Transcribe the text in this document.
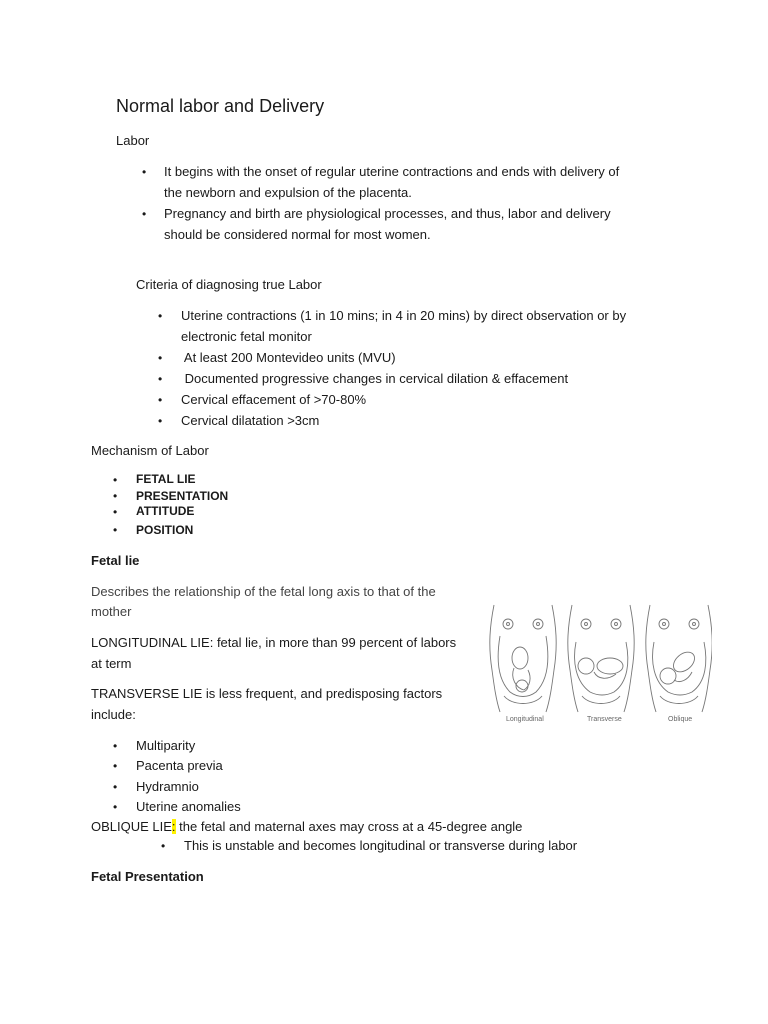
Normal labor and Delivery
Labor
• It begins with the onset of regular uterine contractions and ends with delivery of
the newborn and expulsion of the placenta.
• Pregnancy and birth are physiological processes, and thus, labor and delivery
should be considered normal for most women.
Criteria of diagnosing true Labor
• Uterine contractions (1 in 10 mins; in 4 in 20 mins) by direct observation or by
electronic fetal monitor
• At least 200 Montevideo units (MVU)
• Documented progressive changes in cervical dilation & effacement
• Cervical effacement of >70-80%
• Cervical dilatation >3cm
Mechanism of Labor
• FETAL LIE
• PRESENTATION
• ATTITUDE
• POSITION
Fetal lie
Describes the relationship of the fetal long axis to that of the
mother
LONGITUDINAL LIE: fetal lie, in more than 99 percent of labors
at term
TRANSVERSE LIE is less frequent, and predisposing factors
include:
• Multiparity
• Pacenta previa
• Hydramnio
• Uterine anomalies
OBLIQUE LIE: the fetal and maternal axes may cross at a 45-degree angle
• This is unstable and becomes longitudinal or transverse during labor
Fetal Presentation
Longitudinal	Transverse	Oblique
